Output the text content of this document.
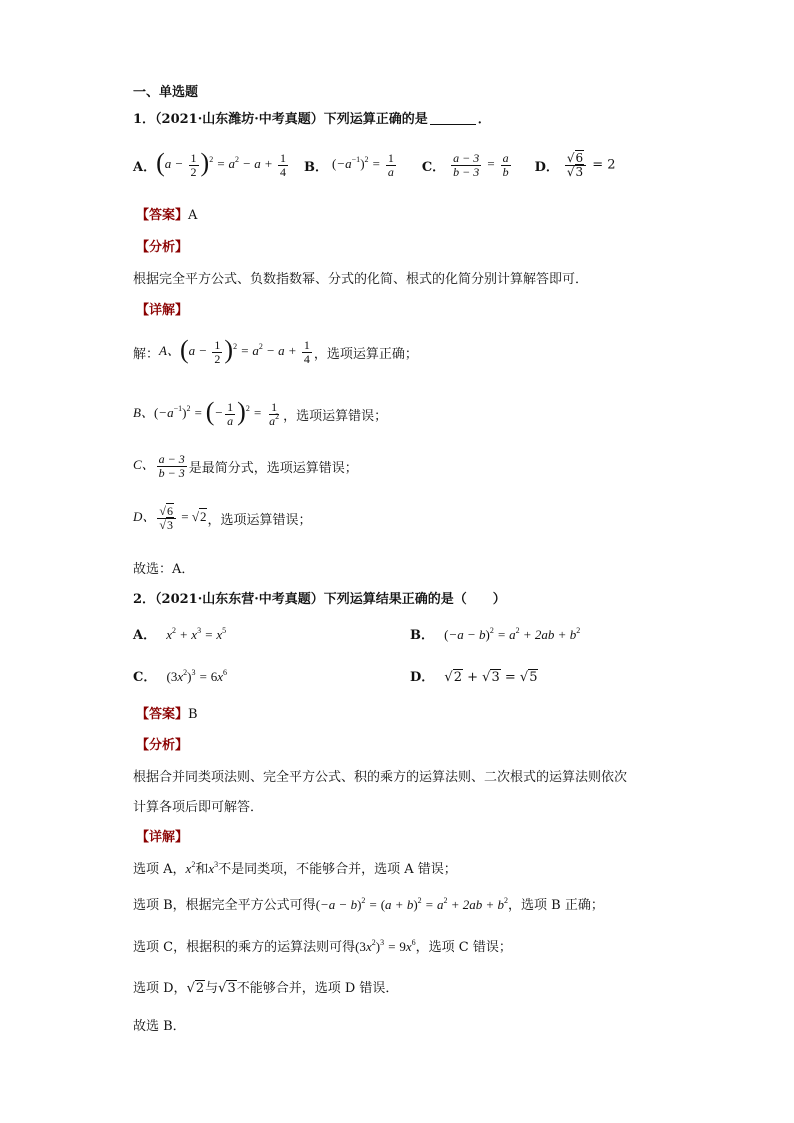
一、单选题
1．（2021·山东潍坊·中考真题）下列运算正确的是	．
A． $(a - \frac{1}{2} )^2 = a^2 - a + \frac{1}{4}$ B． $(-a^{-1})^2 = \frac{1}{a}$ C． $\frac{a - 3}{b - 3} = \frac{a}{b}$ D． $\frac{√6}{√3} = 2$
【答案】A
【分析】
根据完全平方公式、负数指数幂、分式的化简、根式的化简分别计算解答即可．
【详解】
解： A、$(a - \frac{1}{2} )^2 = a^2 - a + \frac{1}{4}$ ，选项运算正确；
B、$(-a^{-1})^2$ = (− $\frac{1}{a} )^2 = \frac{1}{a^2}$ ，选项运算错误；
C、 $\frac{a - 3}{b - 3}$ 是最简分式，选项运算错误；
D、 $\frac{√6}{√3} = √2$ ，选项运算错误；
故选：A．
2．（2021·山东东营·中考真题）下列运算结果正确的是（　　）
A． $x^2 + x^3 = x^5$	B． $(-a - b)^2 = a^2 + 2ab + b^2$
C． $(3x^2)^3 = 6x^6$	D． √2 + √3 = √5
【答案】B
【分析】
根据合并同类项法则、完全平方公式、积的乘方的运算法则、二次根式的运算法则依次
计算各项后即可解答．
【详解】
选项 A，$x^2$和$x^3$不是同类项，不能够合并，选项 A 错误；
选项 B，根据完全平方公式可得$(-a - b)^2 = (a + b)^2 = a^2 + 2ab + b^2$，选项 B 正确；
选项 C，根据积的乘方的运算法则可得$(3x^2)^3 = 9x^6$，选项 C 错误；
选项 D，√2与√3不能够合并，选项 D 错误．
故选 B．
